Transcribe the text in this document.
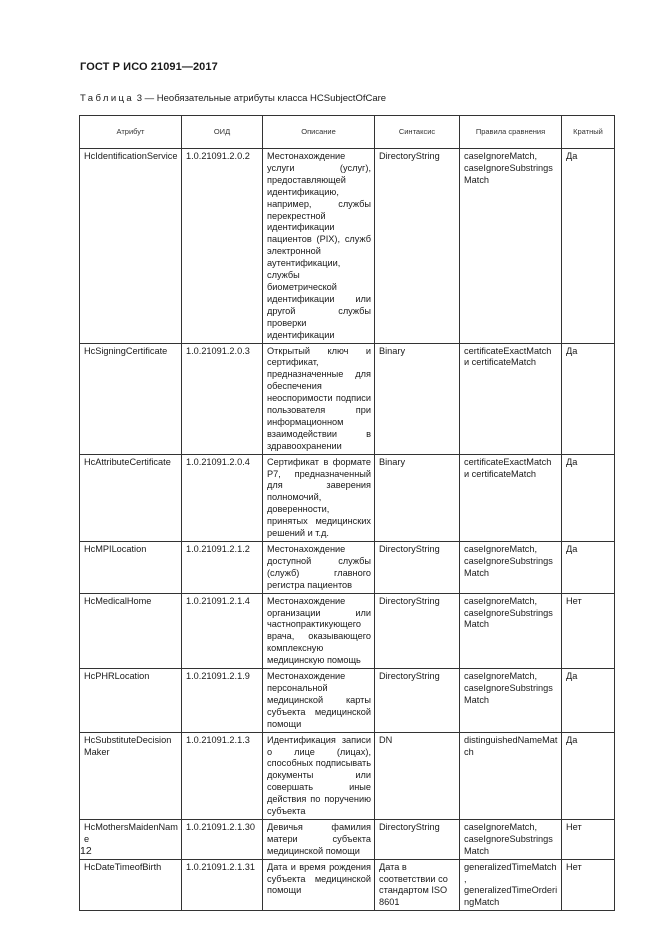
ГОСТ Р ИСО 21091—2017
Таблица 3 — Необязательные атрибуты класса HCSubjectOfCare
Атрибут	ОИД	Описание	Синтаксис	Правила сравнения	Кратный
HcIdentificationService	1.0.21091.2.0.2	Местонахождение услуги (услуг), предоставляющей идентификацию, например, службы перекрестной идентификации пациентов (PIX), служб электронной аутентификации, службы биометрической идентификации или другой службы проверки идентификации	DirectoryString	caseIgnoreMatch, caseIgnoreSubstringsMatch	Да
HcSigningCertificate	1.0.21091.2.0.3	Открытый ключ и сертификат, предназначенные для обеспечения неоспоримости подписи пользователя при информационном взаимодействии в здравоохранении	Binary	certificateExactMatch и certificateMatch	Да
HcAttributeCertificate	1.0.21091.2.0.4	Сертификат в формате P7, предназначенный для заверения полномочий, доверенности, принятых медицинских решений и т.д.	Binary	certificateExactMatch и certificateMatch	Да
HcMPILocation	1.0.21091.2.1.2	Местонахождение доступной службы (служб) главного регистра пациентов	DirectoryString	caseIgnoreMatch, caseIgnoreSubstringsMatch	Да
HcMedicalHome	1.0.21091.2.1.4	Местонахождение организации или частнопрактикующего врача, оказывающего комплексную медицинскую помощь	DirectoryString	caseIgnoreMatch, caseIgnoreSubstringsMatch	Нет
HcPHRLocation	1.0.21091.2.1.9	Местонахождение персональной медицинской карты субъекта медицинской помощи	DirectoryString	caseIgnoreMatch, caseIgnoreSubstringsMatch	Да
HcSubstituteDecisionMaker	1.0.21091.2.1.3	Идентификация записи о лице (лицах), способных подписывать документы или совершать иные действия по поручению субъекта	DN	distinguishedNameMatch	Да
HcMothersMaidenName	1.0.21091.2.1.30	Девичья фамилия матери субъекта медицинской помощи	DirectoryString	caseIgnoreMatch, caseIgnoreSubstringsMatch	Нет
HcDateTimeofBirth	1.0.21091.2.1.31	Дата и время рождения субъекта медицинской помощи	Дата в соответствии со стандартом ISO 8601	generalizedTimeMatch, generalizedTimeOrderingMatch	Нет
12
